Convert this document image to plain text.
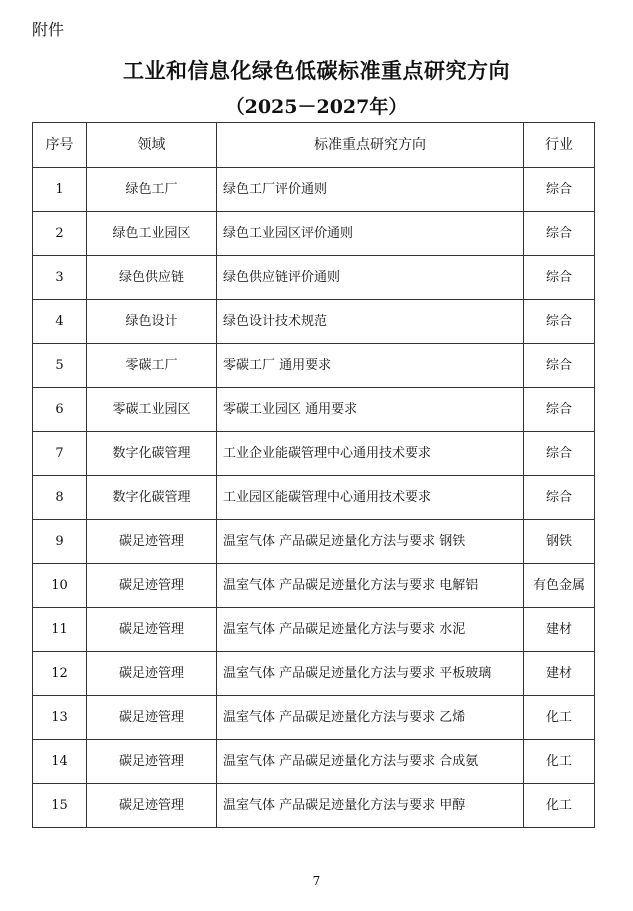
附件
工业和信息化绿色低碳标准重点研究方向
（2025－2027年）
序号	领域	标准重点研究方向	行业
1	绿色工厂	绿色工厂评价通则	综合
2	绿色工业园区	绿色工业园区评价通则	综合
3	绿色供应链	绿色供应链评价通则	综合
4	绿色设计	绿色设计技术规范	综合
5	零碳工厂	零碳工厂 通用要求	综合
6	零碳工业园区	零碳工业园区 通用要求	综合
7	数字化碳管理	工业企业能碳管理中心通用技术要求	综合
8	数字化碳管理	工业园区能碳管理中心通用技术要求	综合
9	碳足迹管理	温室气体 产品碳足迹量化方法与要求 钢铁	钢铁
10	碳足迹管理	温室气体 产品碳足迹量化方法与要求 电解铝	有色金属
11	碳足迹管理	温室气体 产品碳足迹量化方法与要求 水泥	建材
12	碳足迹管理	温室气体 产品碳足迹量化方法与要求 平板玻璃	建材
13	碳足迹管理	温室气体 产品碳足迹量化方法与要求 乙烯	化工
14	碳足迹管理	温室气体 产品碳足迹量化方法与要求 合成氨	化工
15	碳足迹管理	温室气体 产品碳足迹量化方法与要求 甲醇	化工
7
